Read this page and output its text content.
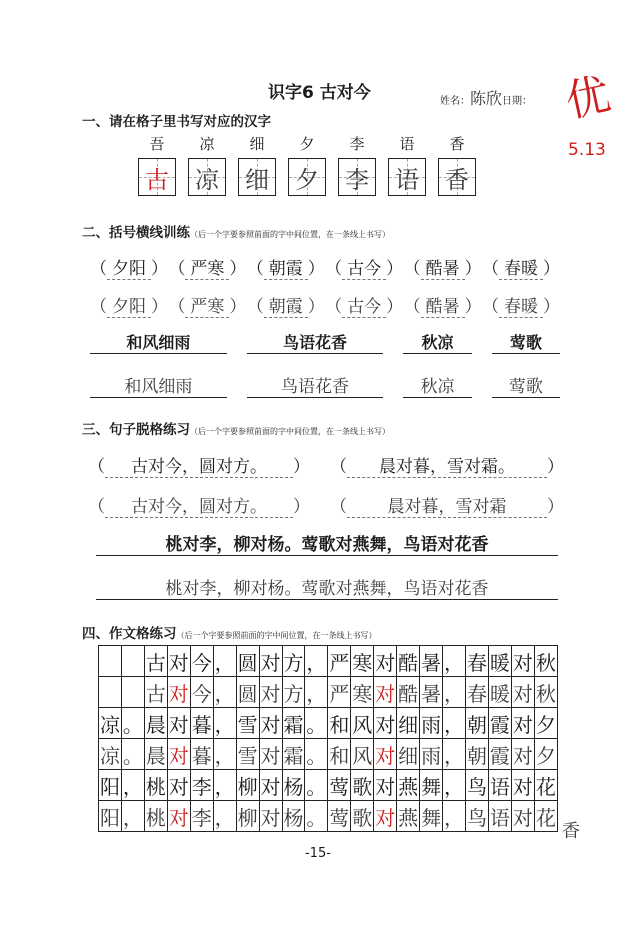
识字6 古对今	姓名：陈欣日期： 优
5.13
一、请在格子里书写对应的汉字
吾	凉	细	夕	李	语	香
古 凉 细 夕 李 语 香
二、括号横线训练（后一个字要参照前面的字中间位置，在一条线上书写）
（ 夕阳 ） （ 严寒 ） （ 朝霞 ） （ 古今 ） （ 酷暑 ） （ 春暖 ）
（ 夕阳 ） （ 严寒 ） （ 朝霞 ） （ 古今 ） （ 酷暑 ） （ 春暖 ）
和风细雨	鸟语花香	秋凉	莺歌
和风细雨	鸟语花香	秋凉	莺歌
三、句子脱格练习（后一个字要参照前面的字中间位置，在一条线上书写）
（ 古对今，圆对方。 ） （ 晨对暮，雪对霜。 ）
（ 古对今，圆对方。 ） （ 晨对暮，雪对霜 ）
桃对李，柳对杨。莺歌对燕舞，鸟语对花香
桃对李，柳对杨。莺歌对燕舞，鸟语对花香
四、作文格练习（后一个字要参照前面的字中间位置，在一条线上书写）
		古	对	今	，	圆	对	方	，	严	寒	对	酷	暑	，	春	暖	对	秋
		古	对	今	，	圆	对	方	，	严	寒	对	酷	暑	，	春	暖	对	秋
凉	。	晨	对	暮	，	雪	对	霜	。	和	风	对	细	雨	，	朝	霞	对	夕
凉	。	晨	对	暮	，	雪	对	霜	。	和	风	对	细	雨	，	朝	霞	对	夕
阳	，	桃	对	李	，	柳	对	杨	。	莺	歌	对	燕	舞	，	鸟	语	对	花
阳	，	桃	对	李	，	柳	对	杨	。	莺	歌	对	燕	舞	，	鸟	语	对	花
香
-15-
